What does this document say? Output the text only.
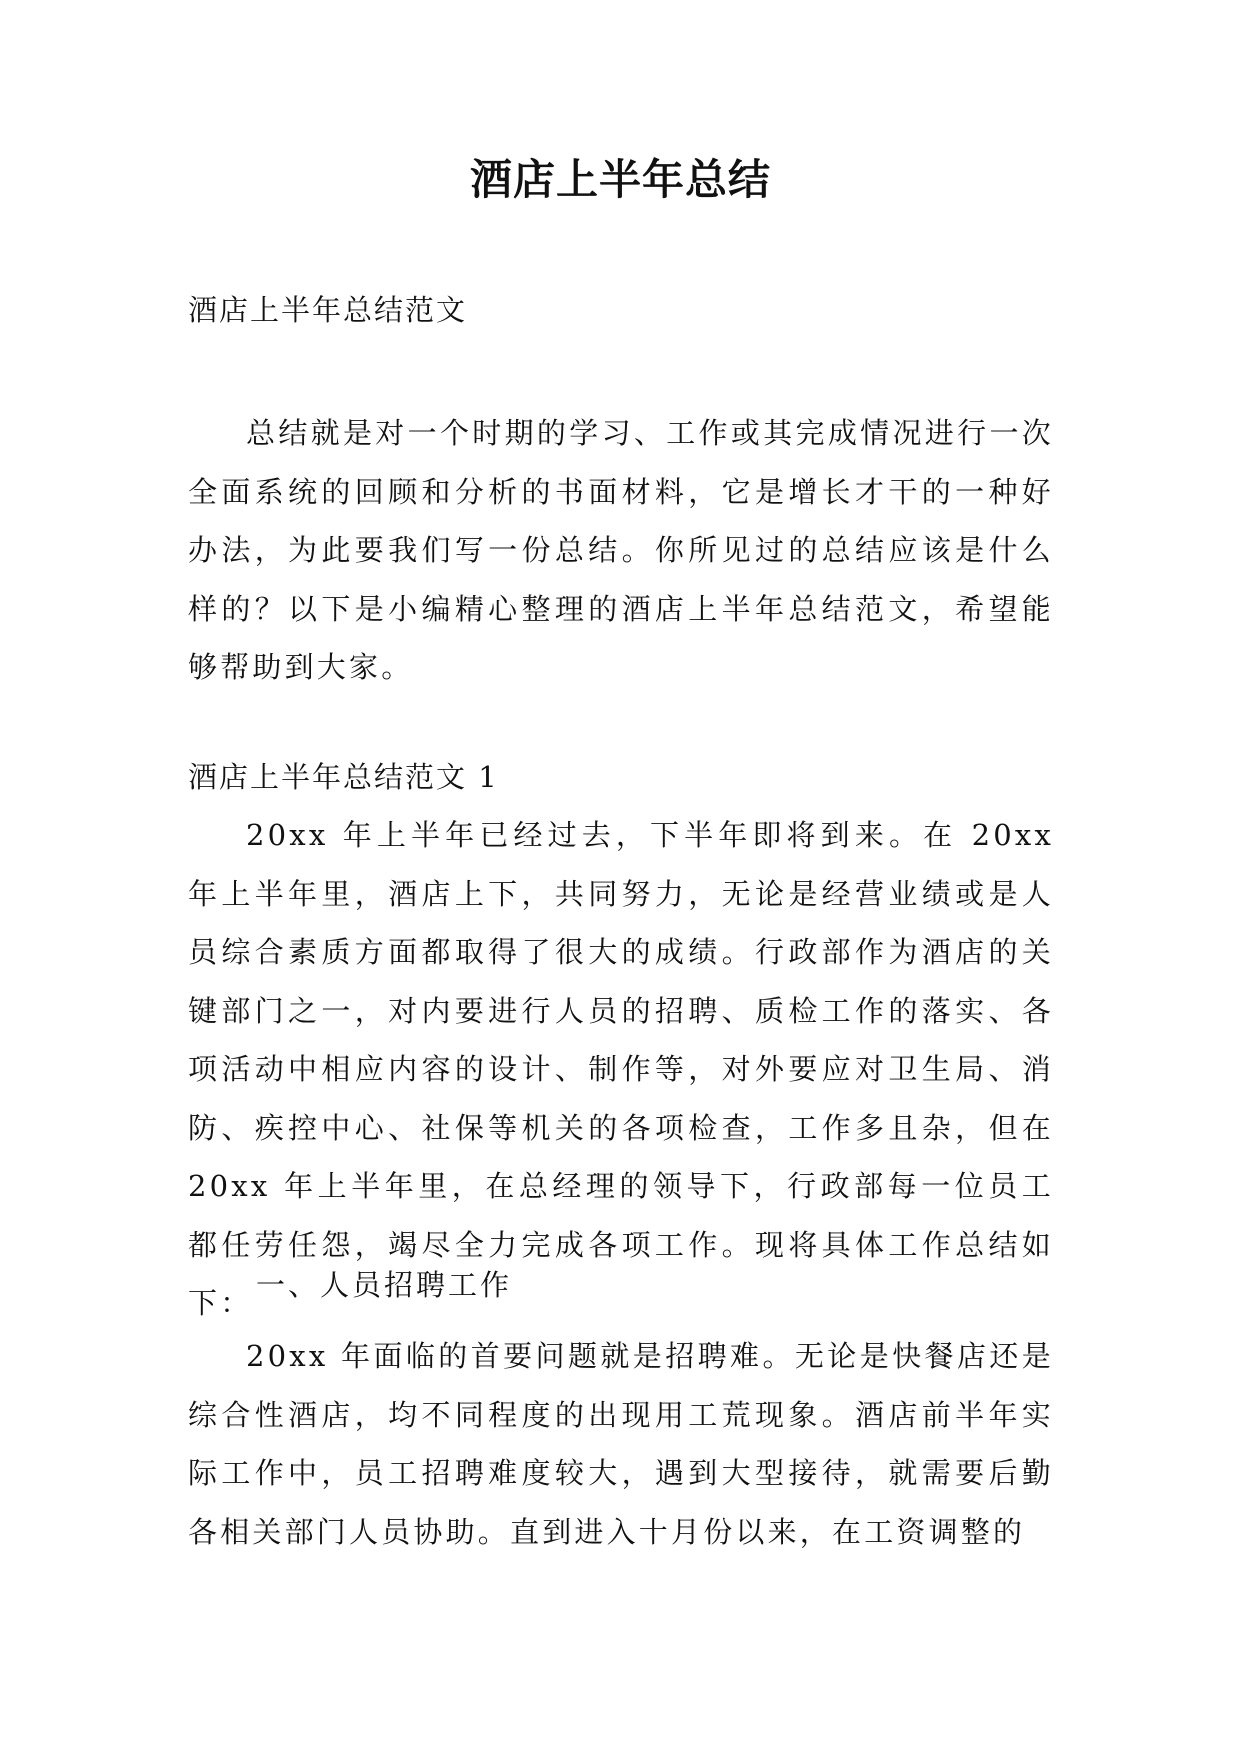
酒店上半年总结

酒店上半年总结范文

总结就是对一个时期的学习、工作或其完成情况进行一次全面系统的回顾和分析的书面材料，它是增长才干的一种好办法，为此要我们写一份总结。你所见过的总结应该是什么样的？以下是小编精心整理的酒店上半年总结范文，希望能够帮助到大家。

酒店上半年总结范文 1

20xx 年上半年已经过去，下半年即将到来。在 20xx 年上半年里，酒店上下，共同努力，无论是经营业绩或是人员综合素质方面都取得了很大的成绩。行政部作为酒店的关键部门之一，对内要进行人员的招聘、质检工作的落实、各项活动中相应内容的设计、制作等，对外要应对卫生局、消防、疾控中心、社保等机关的各项检查，工作多且杂，但在 20xx 年上半年里，在总经理的领导下，行政部每一位员工都任劳任怨，竭尽全力完成各项工作。现将具体工作总结如下：

一、人员招聘工作

20xx 年面临的首要问题就是招聘难。无论是快餐店还是综合性酒店，均不同程度的出现用工荒现象。酒店前半年实际工作中，员工招聘难度较大，遇到大型接待，就需要后勤各相关部门人员协助。直到进入十月份以来，在工资调整的
